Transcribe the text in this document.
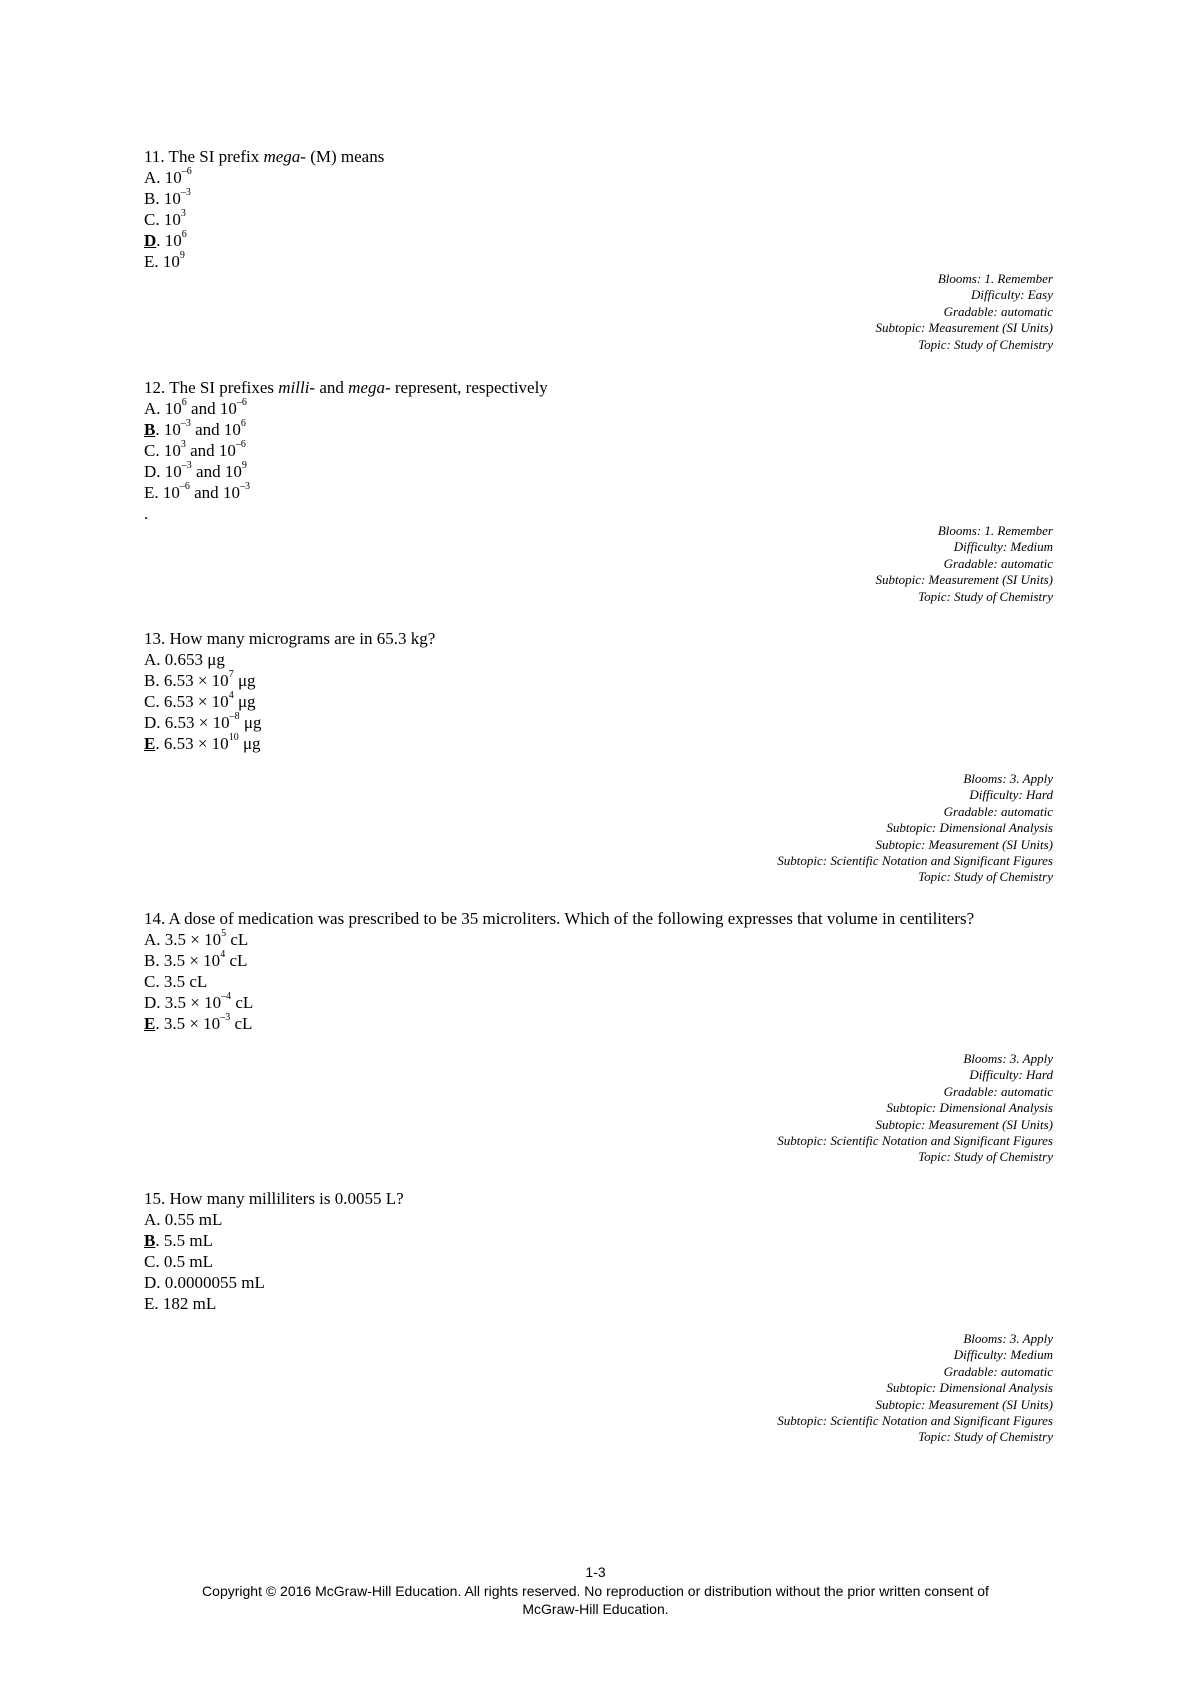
11. The SI prefix mega- (M) means
A. $10^{-6}$
B. $10^{-3}$
C. $10^3$
D. $10^6$
E. $10^9$
Blooms: 1. Remember
Difficulty: Easy
Gradable: automatic
Subtopic: Measurement (SI Units)
Topic: Study of Chemistry
12. The SI prefixes milli- and mega- represent, respectively
A. $10^6$ and $10^{-6}$
B. $10^{-3}$ and $10^6$
C. $10^3$ and $10^{-6}$
D. $10^{-3}$ and $10^9$
E. $10^{-6}$ and $10^{-3}$
.
Blooms: 1. Remember
Difficulty: Medium
Gradable: automatic
Subtopic: Measurement (SI Units)
Topic: Study of Chemistry
13. How many micrograms are in 65.3 kg?
A. 0.653 μg
B. $6.53 \times 10^7$ μg
C. $6.53 \times 10^4$ μg
D. $6.53 \times 10^{-8}$ μg
E. $6.53 \times 10^{10}$ μg
Blooms: 3. Apply
Difficulty: Hard
Gradable: automatic
Subtopic: Dimensional Analysis
Subtopic: Measurement (SI Units)
Subtopic: Scientific Notation and Significant Figures
Topic: Study of Chemistry
14. A dose of medication was prescribed to be 35 microliters. Which of the following expresses that volume in centiliters?
A. $3.5 \times 10^5$ cL
B. $3.5 \times 10^4$ cL
C. 3.5 cL
D. $3.5 \times 10^{-4}$ cL
E. $3.5 \times 10^{-3}$ cL
Blooms: 3. Apply
Difficulty: Hard
Gradable: automatic
Subtopic: Dimensional Analysis
Subtopic: Measurement (SI Units)
Subtopic: Scientific Notation and Significant Figures
Topic: Study of Chemistry
15. How many milliliters is 0.0055 L?
A. 0.55 mL
B. 5.5 mL
C. 0.5 mL
D. 0.0000055 mL
E. 182 mL
Blooms: 3. Apply
Difficulty: Medium
Gradable: automatic
Subtopic: Dimensional Analysis
Subtopic: Measurement (SI Units)
Subtopic: Scientific Notation and Significant Figures
Topic: Study of Chemistry
1-3
Copyright © 2016 McGraw-Hill Education. All rights reserved. No reproduction or distribution without the prior written consent of
McGraw-Hill Education.
